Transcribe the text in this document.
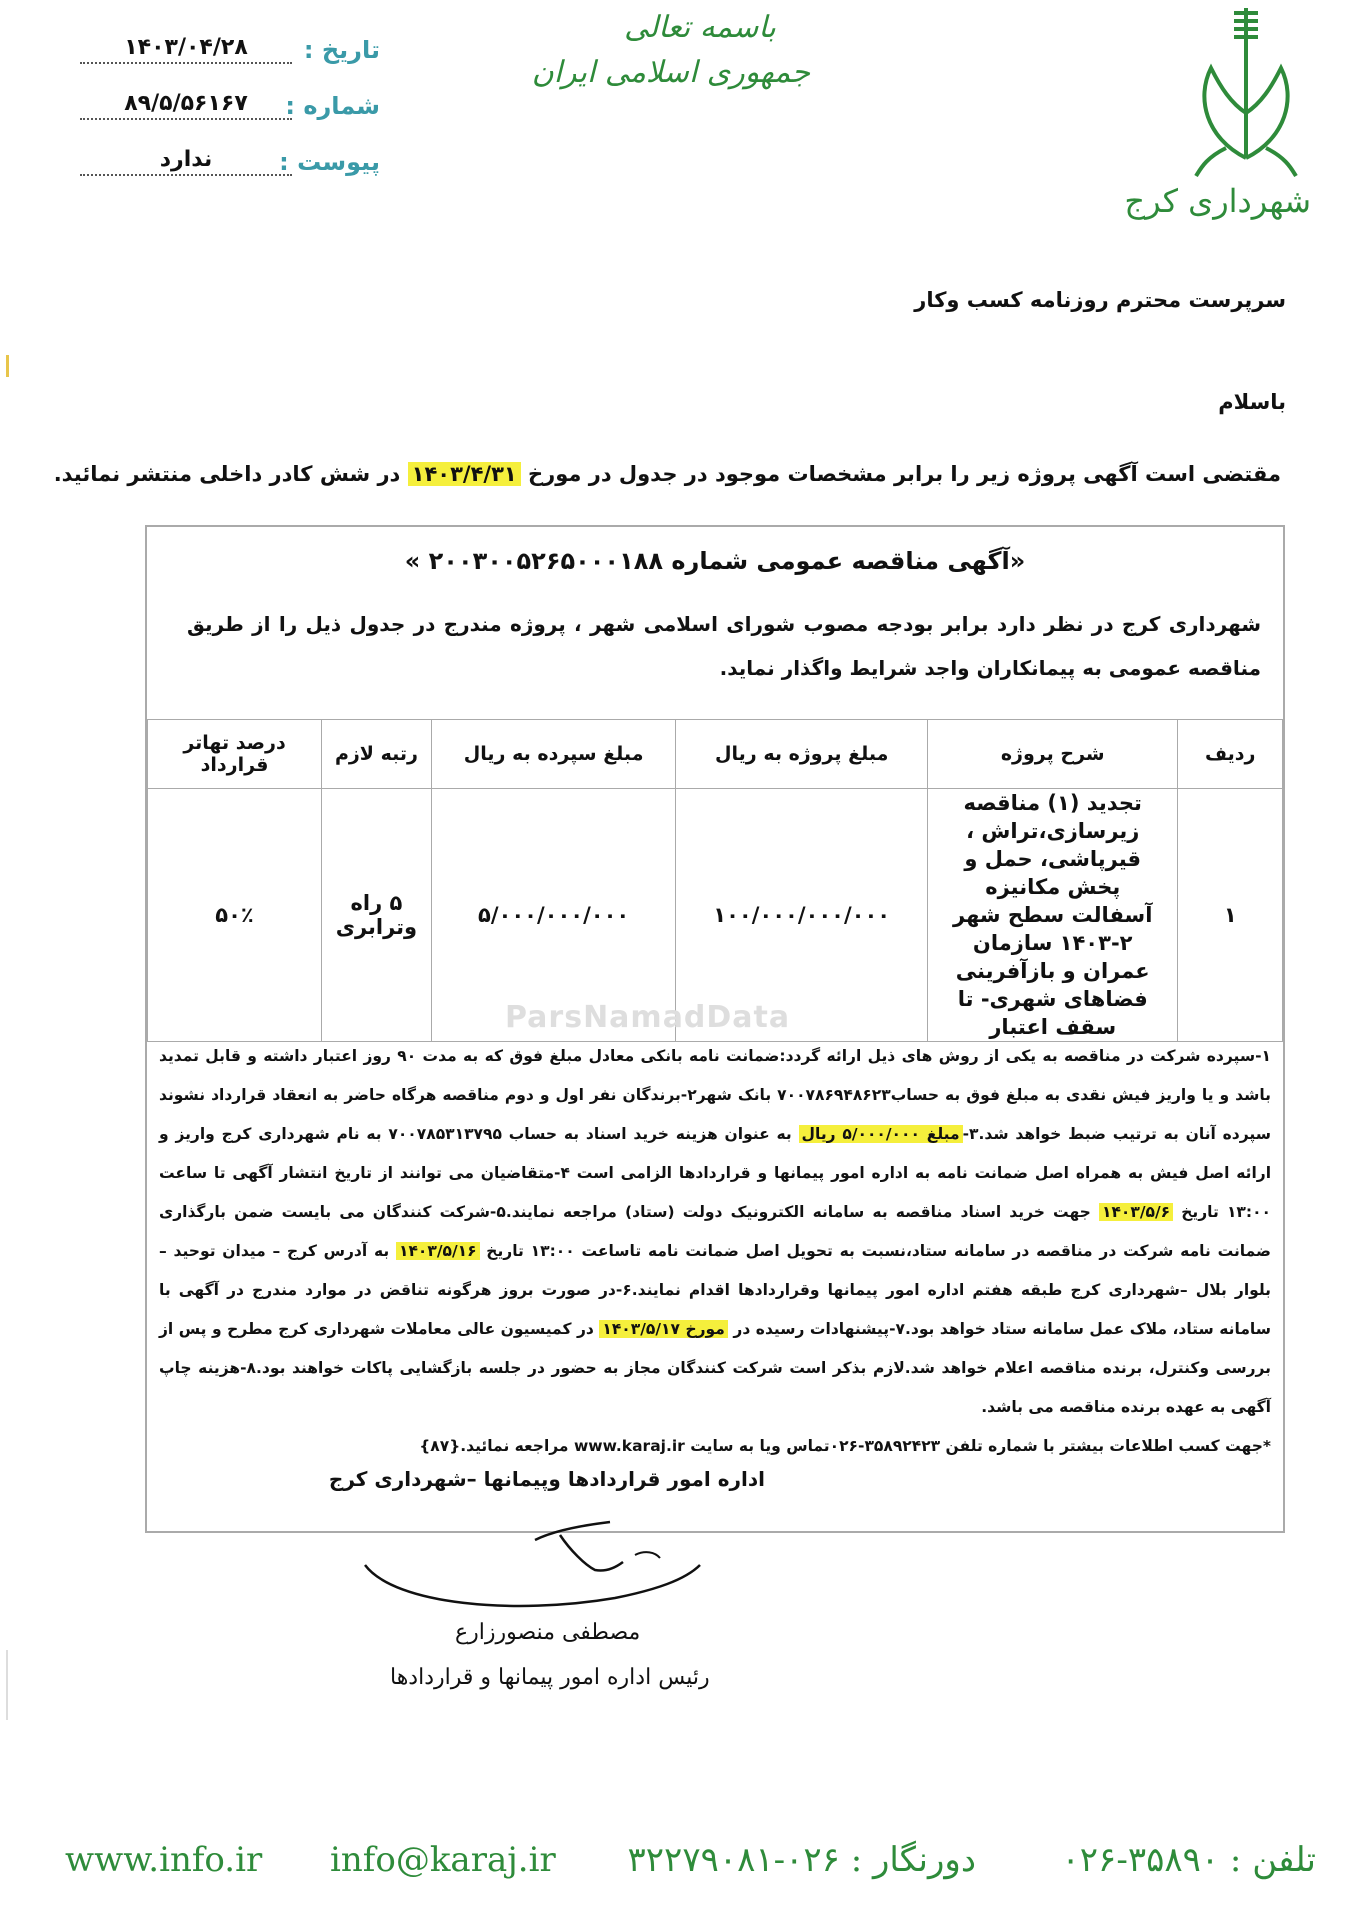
شهرداری کرج
باسمه تعالی
جمهوری اسلامی ایران
تاریخ :
۱۴۰۳/۰۴/۲۸
شماره :
۸۹/۵/۵۶۱۶۷
پیوست :
ندارد
سرپرست محترم روزنامه کسب وکار
باسلام
مقتضی است آگهی پروژه زیر را برابر مشخصات موجود در جدول در مورخ ۱۴۰۳/۴/۳۱ در شش کادر داخلی منتشر نمائید.
«آگهی مناقصه عمومی شماره ۲۰۰۳۰۰۵۲۶۵۰۰۰۱۸۸ »
شهرداری کرج در نظر دارد برابر بودجه مصوب شورای اسلامی شهر ، پروژه مندرج در جدول ذیل را از طریق مناقصه عمومی به پیمانکاران واجد شرایط واگذار نماید.
ردیف	شرح پروژه	مبلغ پروژه به ریال	مبلغ سپرده به ریال	رتبه لازم	درصد تهاتر قرارداد
۱	تجدید (۱) مناقصه زیرسازی،تراش ، قیرپاشی، حمل و پخش مکانیزه آسفالت سطح شهر ۲-۱۴۰۳ سازمان عمران و بازآفرینی فضاهای شهری- تا سقف اعتبار	۱۰۰/۰۰۰/۰۰۰/۰۰۰	۵/۰۰۰/۰۰۰/۰۰۰	۵ راه وترابری	۵۰٪
۱-سپرده شرکت در مناقصه به یکی از روش های ذیل ارائه گردد:ضمانت نامه بانکی معادل مبلغ فوق که به مدت ۹۰ روز اعتبار داشته و قابل تمدید باشد و یا واریز فیش نقدی به مبلغ فوق به حساب۷۰۰۷۸۶۹۴۸۶۲۳ بانک شهر۲-برندگان نفر اول و دوم مناقصه هرگاه حاضر به انعقاد قرارداد نشوند سپرده آنان به ترتیب ضبط خواهد شد.۳-مبلغ ۵/۰۰۰/۰۰۰ ریال به عنوان هزینه خرید اسناد به حساب ۷۰۰۷۸۵۳۱۳۷۹۵ به نام شهرداری کرج واریز و ارائه اصل فیش به همراه اصل ضمانت نامه به اداره امور پیمانها و قراردادها الزامی است ۴-متقاضیان می توانند از تاریخ انتشار آگهی تا ساعت ۱۳:۰۰ تاریخ ۱۴۰۳/۵/۶ جهت خرید اسناد مناقصه به سامانه الکترونیک دولت (ستاد) مراجعه نمایند.۵-شرکت کنندگان می بایست ضمن بارگذاری ضمانت نامه شرکت در مناقصه در سامانه ستاد،نسبت به تحویل اصل ضمانت نامه تاساعت ۱۳:۰۰ تاریخ ۱۴۰۳/۵/۱۶ به آدرس کرج – میدان توحید –بلوار بلال –شهرداری کرج طبقه هفتم اداره امور پیمانها وقراردادها اقدام نمایند.۶-در صورت بروز هرگونه تناقض در موارد مندرج در آگهی با سامانه ستاد، ملاک عمل سامانه ستاد خواهد بود.۷-پیشنهادات رسیده در مورخ ۱۴۰۳/۵/۱۷ در کمیسیون عالی معاملات شهرداری کرج مطرح و پس از بررسی وکنترل، برنده مناقصه اعلام خواهد شد.لازم بذکر است شرکت کنندگان مجاز به حضور در جلسه بازگشایی پاکات خواهند بود.۸-هزینه چاپ آگهی به عهده برنده مناقصه می باشد.
*جهت کسب اطلاعات بیشتر با شماره تلفن ۳۵۸۹۲۴۲۳-۰۲۶تماس ویا به سایت www.karaj.ir مراجعه نمائید.{۸۷}
اداره امور قراردادها وپیمانها –شهرداری کرج
ParsNamadData
مصطفی منصورزارع
رئیس اداره امور پیمانها و قراردادها
تلفن : ۳۵۸۹۰-۰۲۶
دورنگار : ۰۲۶-۳۲۲۷۹۰۸۱
info@karaj.ir
www.info.ir
